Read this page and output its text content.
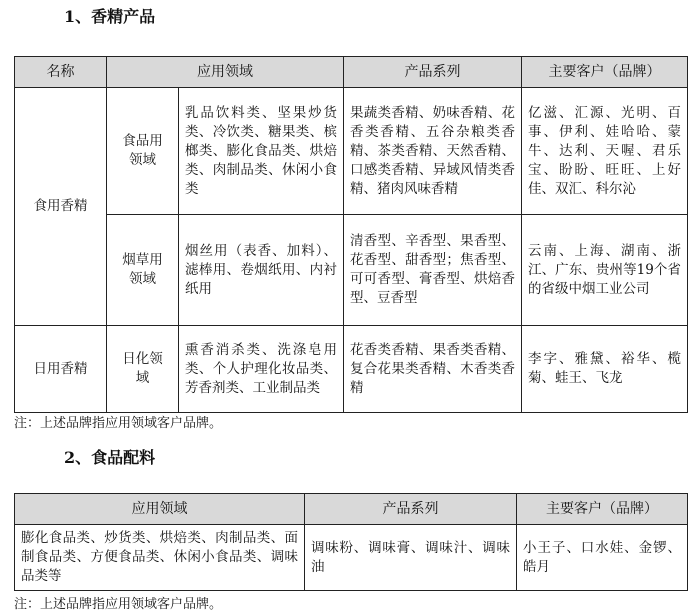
1、香精产品
名称	应用领域		产品系列	主要客户（品牌）
食用香精	食品用领域	乳品饮料类、坚果炒货类、冷饮类、糖果类、槟榔类、膨化食品类、烘焙类、肉制品类、休闲小食类	果蔬类香精、奶味香精、花香类香精、五谷杂粮类香精、茶类香精、天然香精、口感类香精、异域风情类香精、猪肉风味香精	亿滋、汇源、光明、百事、伊利、娃哈哈、蒙牛、达利、天喔、君乐宝、盼盼、旺旺、上好佳、双汇、科尔沁
	烟草用领域	烟丝用（表香、加料）、滤棒用、卷烟纸用、内衬纸用	清香型、辛香型、果香型、花香型、甜香型；焦香型、可可香型、膏香型、烘焙香型、豆香型	云南、上海、湖南、浙江、广东、贵州等19个省的省级中烟工业公司
日用香精	日化领域	熏香消杀类、洗涤皂用类、个人护理化妆品类、芳香剂类、工业制品类	花香类香精、果香类香精、复合花果类香精、木香类香精	李字、雅黛、裕华、榄菊、蛙王、飞龙
注：上述品牌指应用领域客户品牌。
2、食品配料
应用领域	产品系列	主要客户（品牌）
膨化食品类、炒货类、烘焙类、肉制品类、面制食品类、方便食品类、休闲小食品类、调味品类等	调味粉、调味膏、调味汁、调味油	小王子、口水娃、金锣、皓月
注：上述品牌指应用领域客户品牌。
